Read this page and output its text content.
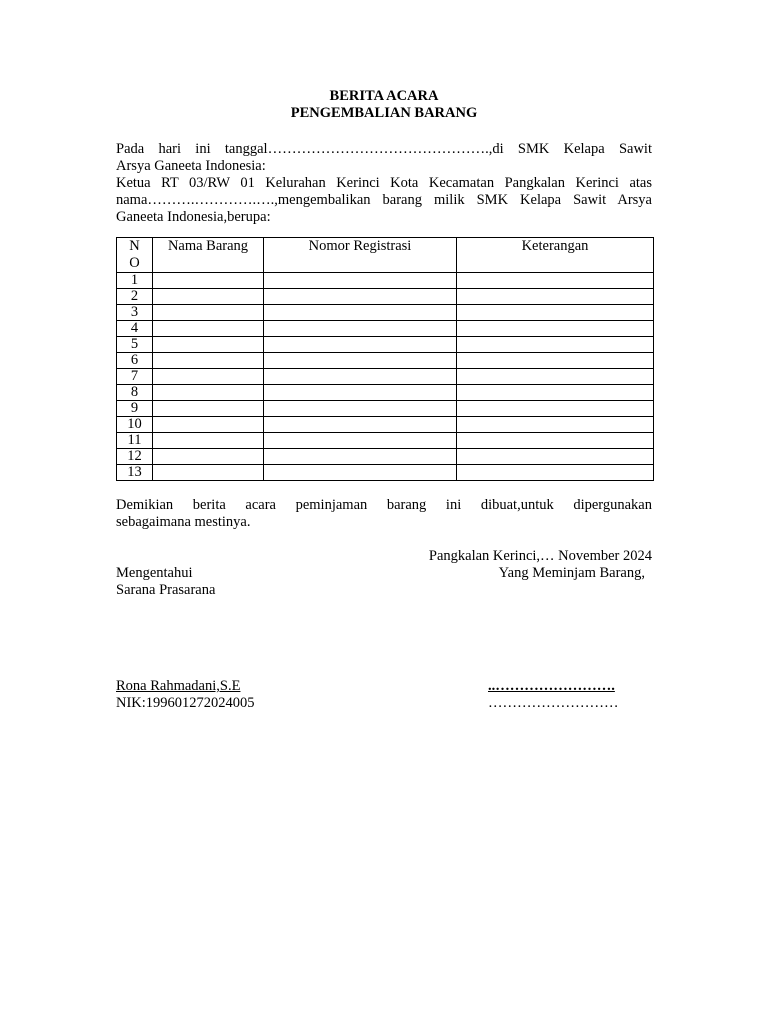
BERITA ACARA
PENGEMBALIAN BARANG
Pada hari ini tanggal……………………………………….,di SMK Kelapa Sawit
Arsya Ganeeta Indonesia:
Ketua RT 03/RW 01 Kelurahan Kerinci Kota Kecamatan Pangkalan Kerinci atas
nama……….………….….,mengembalikan barang milik SMK Kelapa Sawit Arsya
Ganeeta Indonesia,berupa:
N
O	Nama Barang	Nomor Registrasi	Keterangan
1			
2			
3			
4			
5			
6			
7			
8			
9			
10			
11			
12			
13			
Demikian berita acara peminjaman barang ini dibuat,untuk dipergunakan
sebagaimana mestinya.
Pangkalan Kerinci,… November 2024
Mengentahui	Yang Meminjam Barang,
Sarana Prasarana
Rona Rahmadani,S.E	..…………………….
NIK:199601272024005	………………………
